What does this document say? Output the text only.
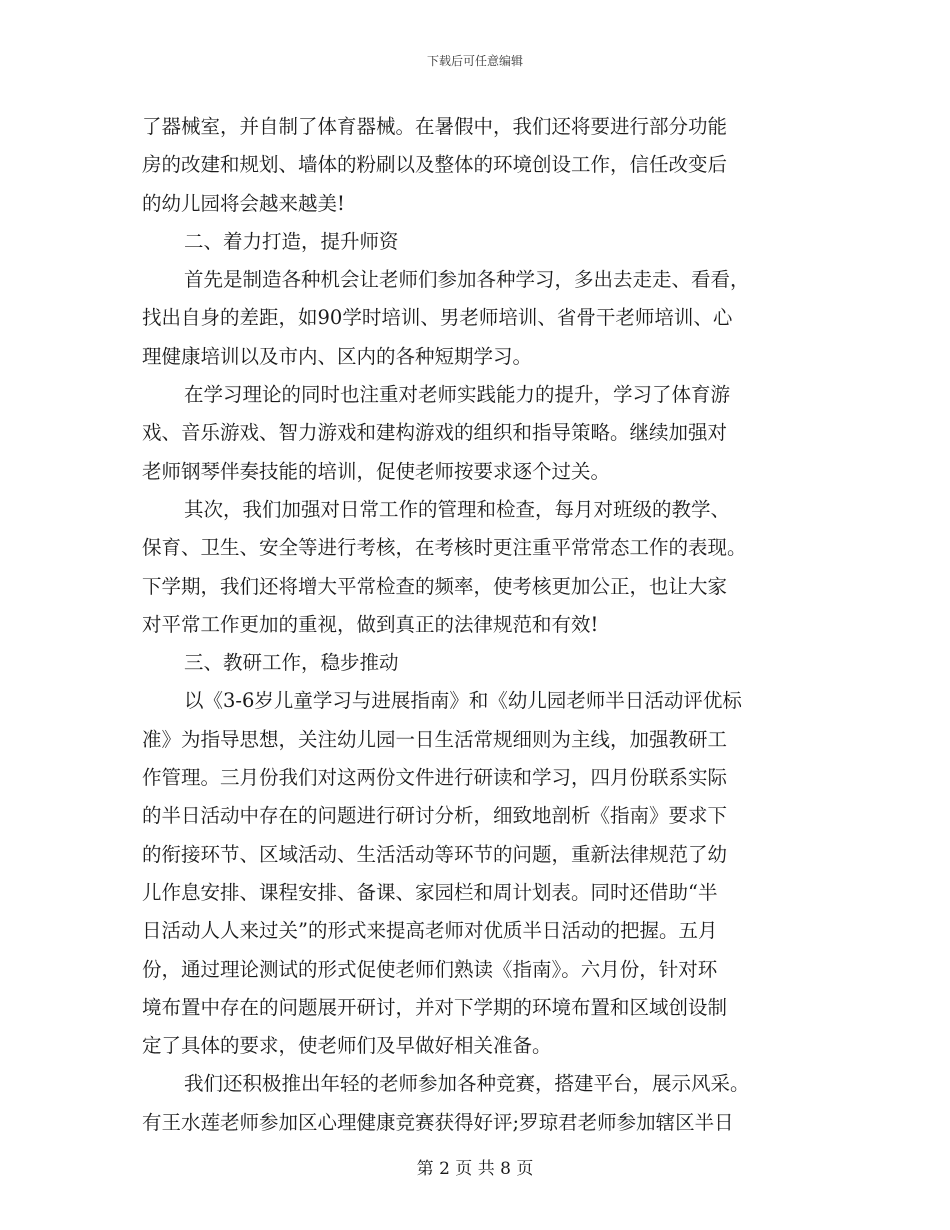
下载后可任意编辑
了器械室，并自制了体育器械。在暑假中，我们还将要进行部分功能
房的改建和规划、墙体的粉刷以及整体的环境创设工作，信任改变后
的幼儿园将会越来越美!
二、着力打造，提升师资
首先是制造各种机会让老师们参加各种学习，多出去走走、看看，
找出自身的差距，如90学时培训、男老师培训、省骨干老师培训、心
理健康培训以及市内、区内的各种短期学习。
在学习理论的同时也注重对老师实践能力的提升，学习了体育游
戏、音乐游戏、智力游戏和建构游戏的组织和指导策略。继续加强对
老师钢琴伴奏技能的培训，促使老师按要求逐个过关。
其次，我们加强对日常工作的管理和检查，每月对班级的教学、
保育、卫生、安全等进行考核，在考核时更注重平常常态工作的表现。
下学期，我们还将增大平常检查的频率，使考核更加公正，也让大家
对平常工作更加的重视，做到真正的法律规范和有效!
三、教研工作，稳步推动
以《3-6岁儿童学习与进展指南》和《幼儿园老师半日活动评优标
准》为指导思想，关注幼儿园一日生活常规细则为主线，加强教研工
作管理。三月份我们对这两份文件进行研读和学习，四月份联系实际
的半日活动中存在的问题进行研讨分析，细致地剖析《指南》要求下
的衔接环节、区域活动、生活活动等环节的问题，重新法律规范了幼
儿作息安排、课程安排、备课、家园栏和周计划表。同时还借助“半
日活动人人来过关”的形式来提高老师对优质半日活动的把握。五月
份，通过理论测试的形式促使老师们熟读《指南》。六月份，针对环
境布置中存在的问题展开研讨，并对下学期的环境布置和区域创设制
定了具体的要求，使老师们及早做好相关准备。
我们还积极推出年轻的老师参加各种竞赛，搭建平台，展示风采。
有王水莲老师参加区心理健康竞赛获得好评;罗琼君老师参加辖区半日
第 2 页 共 8 页
